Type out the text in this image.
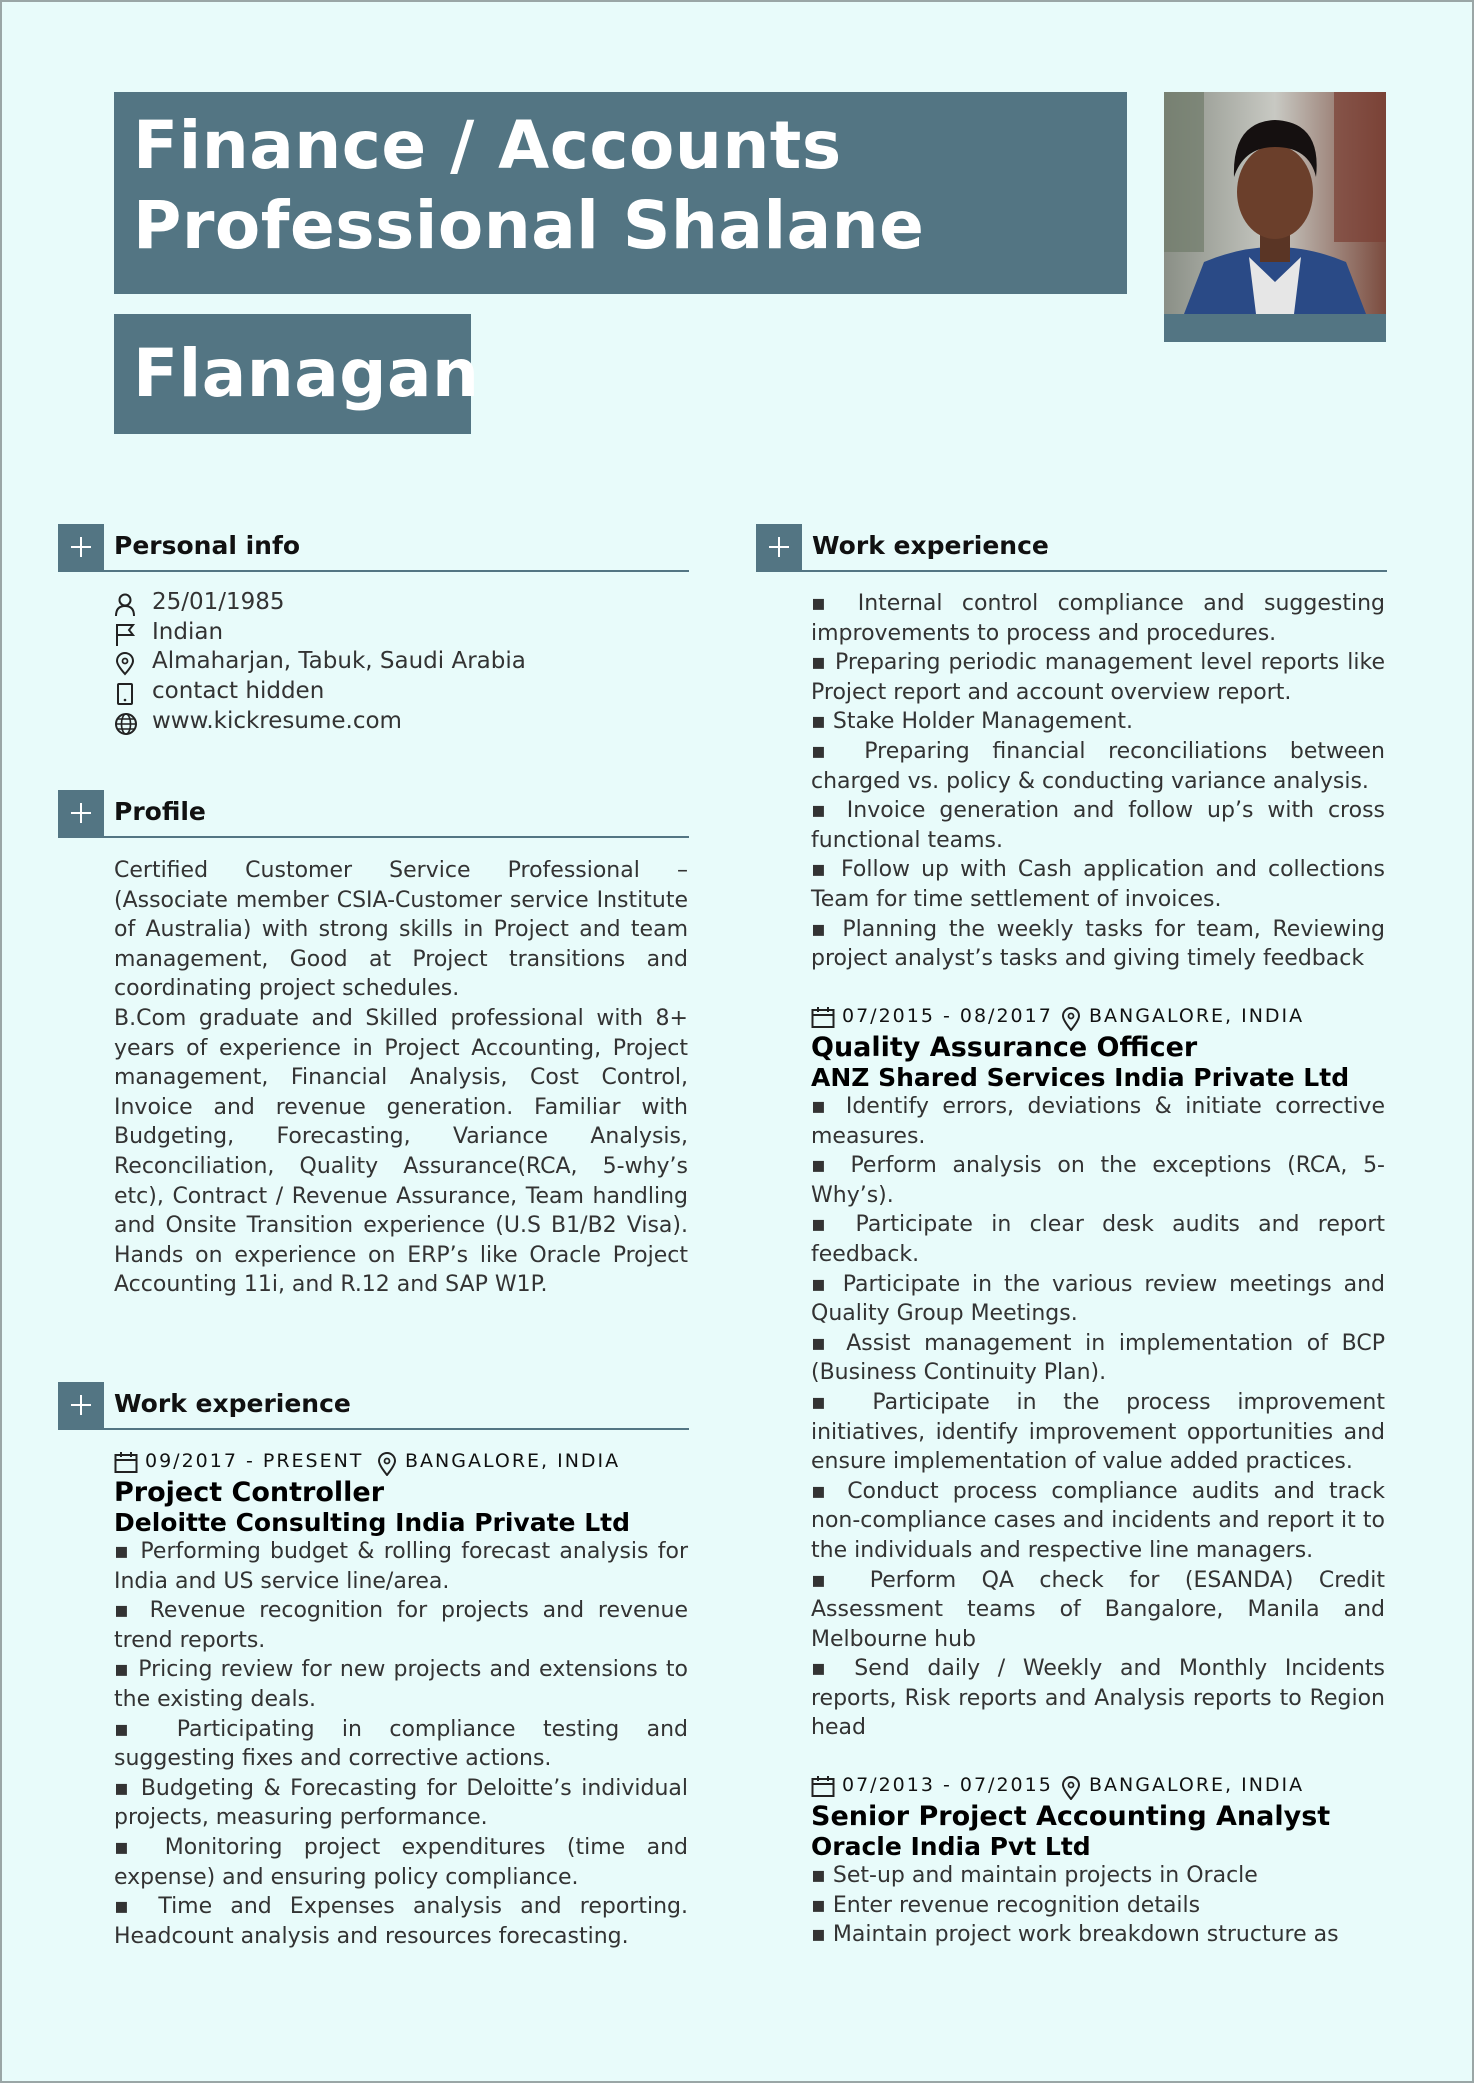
Finance / Accounts
Professional Shalane
Flanagan
Personal info
25/01/1985
Indian
Almaharjan, Tabuk, Saudi Arabia
contact hidden
www.kickresume.com
Profile
Certified Customer Service Professional – (Associate member CSIA-Customer service Institute of Australia) with strong skills in Project and team management, Good at Project transitions and coordinating project schedules.
B.Com graduate and Skilled professional with 8+ years of experience in Project Accounting, Project management, Financial Analysis, Cost Control, Invoice and revenue generation. Familiar with Budgeting, Forecasting, Variance Analysis, Reconciliation, Quality Assurance(RCA, 5-why’s etc), Contract / Revenue Assurance, Team handling and Onsite Transition experience (U.S B1/B2 Visa). Hands on experience on ERP’s like Oracle Project Accounting 11i, and R.12 and SAP W1P.
Work experience
09/2017 - PRESENT BANGALORE, INDIA
Project Controller
Deloitte Consulting India Private Ltd
▪ Performing budget & rolling forecast analysis for India and US service line/area.
▪ Revenue recognition for projects and revenue trend reports.
▪ Pricing review for new projects and extensions to the existing deals.
▪ Participating in compliance testing and suggesting fixes and corrective actions.
▪ Budgeting & Forecasting for Deloitte’s individual projects, measuring performance.
▪ Monitoring project expenditures (time and expense) and ensuring policy compliance.
▪ Time and Expenses analysis and reporting. Headcount analysis and resources forecasting.
Work experience
▪ Internal control compliance and suggesting improvements to process and procedures.
▪ Preparing periodic management level reports like Project report and account overview report.
▪ Stake Holder Management.
▪ Preparing financial reconciliations between charged vs. policy & conducting variance analysis.
▪ Invoice generation and follow up’s with cross functional teams.
▪ Follow up with Cash application and collections Team for time settlement of invoices.
▪ Planning the weekly tasks for team, Reviewing project analyst’s tasks and giving timely feedback
07/2015 - 08/2017 BANGALORE, INDIA
Quality Assurance Officer
ANZ Shared Services India Private Ltd
▪ Identify errors, deviations & initiate corrective measures.
▪ Perform analysis on the exceptions (RCA, 5-Why’s).
▪ Participate in clear desk audits and report feedback.
▪ Participate in the various review meetings and Quality Group Meetings.
▪ Assist management in implementation of BCP (Business Continuity Plan).
▪ Participate in the process improvement initiatives, identify improvement opportunities and ensure implementation of value added practices.
▪ Conduct process compliance audits and track non-compliance cases and incidents and report it to the individuals and respective line managers.
▪ Perform QA check for (ESANDA) Credit Assessment teams of Bangalore, Manila and Melbourne hub
▪ Send daily / Weekly and Monthly Incidents reports, Risk reports and Analysis reports to Region head
07/2013 - 07/2015 BANGALORE, INDIA
Senior Project Accounting Analyst
Oracle India Pvt Ltd
▪ Set-up and maintain projects in Oracle
▪ Enter revenue recognition details
▪ Maintain project work breakdown structure as
